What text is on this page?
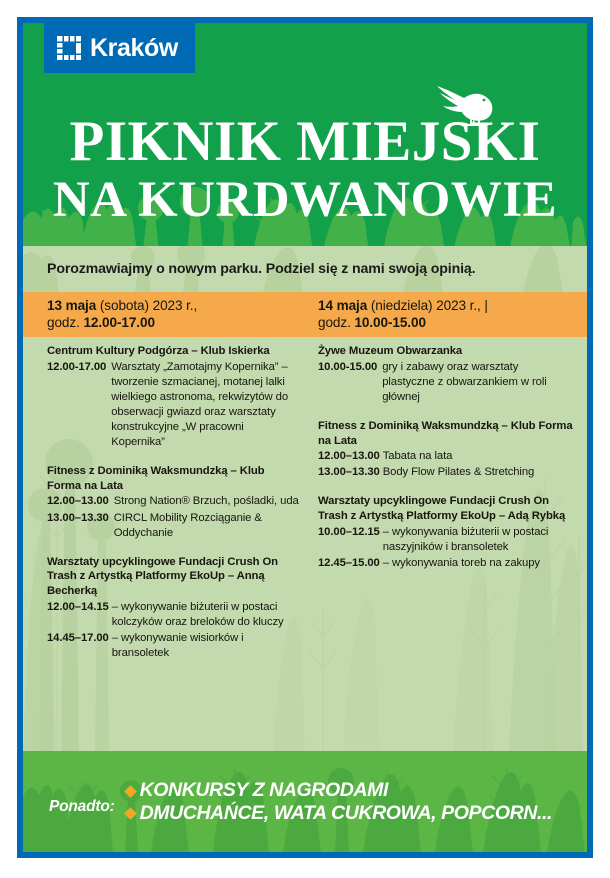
Kraków
PIKNIK MIEJSKI
NA KURDWANOWIE
Porozmawiajmy o nowym parku. Podziel się z nami swoją opinią.
13 maja (sobota) 2023 r.,
godz. 12.00-17.00
14 maja (niedziela) 2023 r., |
godz. 10.00-15.00
Centrum Kultury Podgórza – Klub Iskierka
12.00-17.00 Warsztaty „Zamotajmy Kopernika” – tworzenie szmacianej, motanej lalki wielkiego astronoma, rekwizytów do obserwacji gwiazd oraz warsztaty konstrukcyjne „W pracowni Kopernika”
Fitness z Dominiką Waksmundzką – Klub Forma na Lata
12.00–13.00 Strong Nation® Brzuch, pośladki, uda
13.00–13.30 CIRCL Mobility Rozciąganie & Oddychanie
Warsztaty upcyklingowe Fundacji Crush On Trash z Artystką Platformy EkoUp – Anną Becherką
12.00–14.15 – wykonywanie biżuterii w postaci kolczyków oraz breloków do kluczy
14.45–17.00 – wykonywanie wisiorków i bransoletek
Żywe Muzeum Obwarzanka
10.00-15.00 gry i zabawy oraz warsztaty plastyczne z obwarzankiem w roli głównej
Fitness z Dominiką Waksmundzką – Klub Forma na Lata
12.00–13.00 Tabata na lata
13.00–13.30 Body Flow Pilates & Stretching
Warsztaty upcyklingowe Fundacji Crush On Trash z Artystką Platformy EkoUp – Adą Rybką
10.00–12.15 – wykonywania biżuterii w postaci naszyjników i bransoletek
12.45–15.00 – wykonywania toreb na zakupy
Ponadto:
KONKURSY Z NAGRODAMI
DMUCHAŃCE, WATA CUKROWA, POPCORN...
